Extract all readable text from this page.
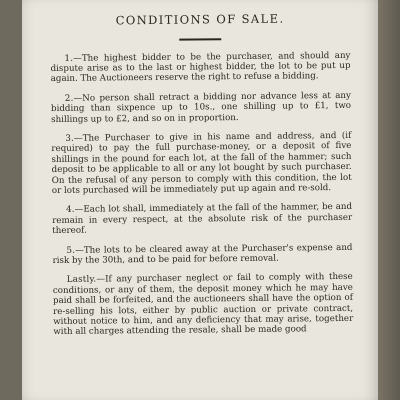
CONDITIONS OF SALE.

1.—The highest bidder to be the purchaser, and should any dispute arise as to the last or highest bidder, the lot to be put up again. The Auctioneers reserve the right to refuse a bidding.

2.—No person shall retract a bidding nor advance less at any bidding than sixpence up to 10s., one shilling up to £1, two shillings up to £2, and so on in proportion.

3.—The Purchaser to give in his name and address, and (if required) to pay the full purchase-money, or a deposit of five shillings in the pound for each lot, at the fall of the hammer; such deposit to be applicable to all or any lot bought by such purchaser. On the refusal of any person to comply with this condition, the lot or lots purchased will be immediately put up again and re-sold.

4.—Each lot shall, immediately at the fall of the hammer, be and remain in every respect, at the absolute risk of the purchaser thereof.

5.—The lots to be cleared away at the Purchaser's expense and risk by the 30th, and to be paid for before removal.

Lastly.—If any purchaser neglect or fail to comply with these conditions, or any of them, the deposit money which he may have paid shall be forfeited, and the auctioneers shall have the option of re-selling his lots, either by public auction or private contract, without notice to him, and any deficiency that may arise, together with all charges attending the resale, shall be made good
